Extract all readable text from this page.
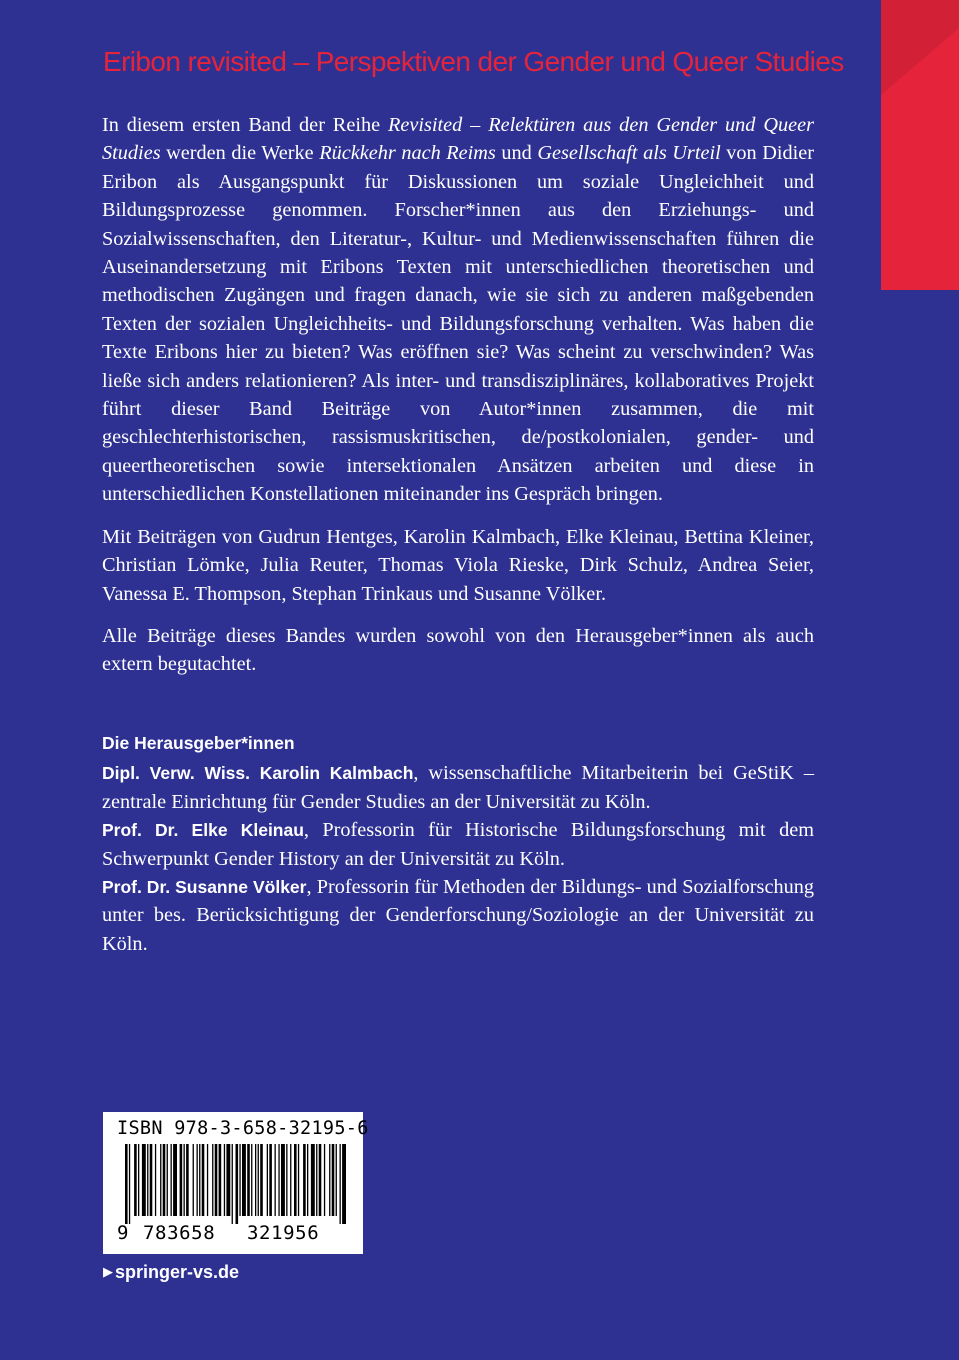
Eribon revisited – Perspektiven der Gender und Queer Studies

In diesem ersten Band der Reihe Revisited – Relektüren aus den Gender und Queer Studies werden die Werke Rückkehr nach Reims und Gesellschaft als Urteil von Didier Eribon als Ausgangspunkt für Diskussionen um soziale Ungleichheit und Bildungsprozesse genommen. Forscher*innen aus den Erziehungs- und Sozialwissenschaften, den Literatur-, Kultur- und Medienwissenschaften führen die Auseinandersetzung mit Eribons Texten mit unterschiedlichen theoretischen und methodischen Zugängen und fragen danach, wie sie sich zu anderen maßgebenden Texten der sozialen Ungleichheits- und Bildungsforschung verhalten. Was haben die Texte Eribons hier zu bieten? Was eröffnen sie? Was scheint zu verschwinden? Was ließe sich anders relationieren? Als inter- und transdisziplinäres, kollaboratives Projekt führt dieser Band Beiträge von Autor*innen zusammen, die mit geschlechterhistorischen, rassismuskritischen, de/postkolonialen, gender- und queertheoretischen sowie intersektionalen Ansätzen arbeiten und diese in unterschiedlichen Konstellationen miteinander ins Gespräch bringen.

Mit Beiträgen von Gudrun Hentges, Karolin Kalmbach, Elke Kleinau, Bettina Kleiner, Christian Lömke, Julia Reuter, Thomas Viola Rieske, Dirk Schulz, Andrea Seier, Vanessa E. Thompson, Stephan Trinkaus und Susanne Völker.

Alle Beiträge dieses Bandes wurden sowohl von den Herausgeber*innen als auch extern begutachtet.

Die Herausgeber*innen
Dipl. Verw. Wiss. Karolin Kalmbach, wissenschaftliche Mitarbeiterin bei GeStiK – zentrale Einrichtung für Gender Studies an der Universität zu Köln.
Prof. Dr. Elke Kleinau, Professorin für Historische Bildungsforschung mit dem Schwerpunkt Gender History an der Universität zu Köln.
Prof. Dr. Susanne Völker, Professorin für Methoden der Bildungs- und Sozialforschung unter bes. Berücksichtigung der Genderforschung/Soziologie an der Universität zu Köln.
ISBN 978-3-658-32195-6
9 783658 321956
▶ springer-vs.de
